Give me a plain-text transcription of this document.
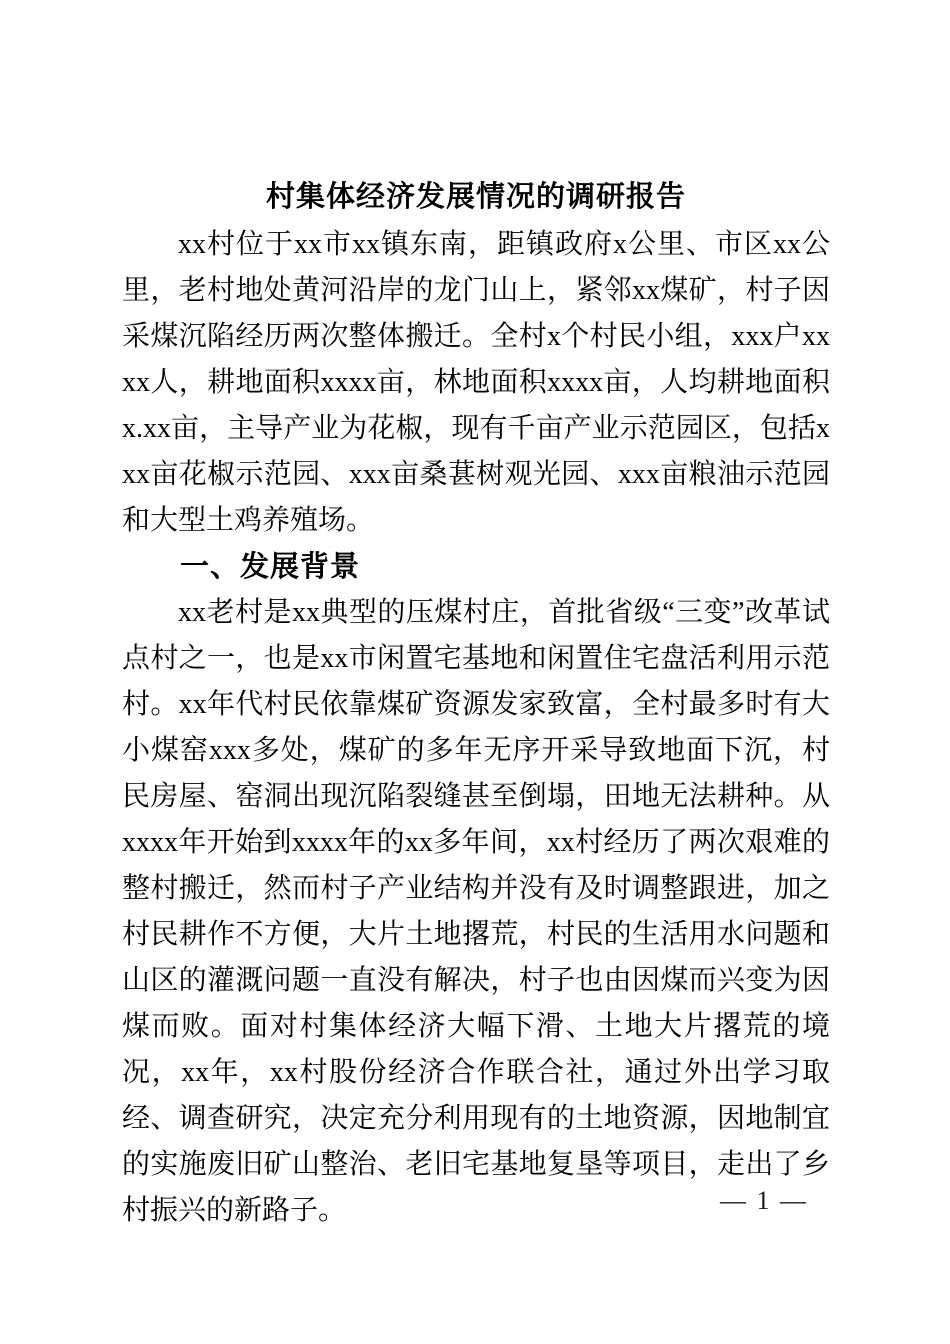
村集体经济发展情况的调研报告

xx村位于xx市xx镇东南，距镇政府x公里、市区xx公里，老村地处黄河沿岸的龙门山上，紧邻xx煤矿，村子因采煤沉陷经历两次整体搬迁。全村x个村民小组，xxx户xxxx人，耕地面积xxxx亩，林地面积xxxx亩，人均耕地面积x.xx亩，主导产业为花椒，现有千亩产业示范园区，包括xxx亩花椒示范园、xxx亩桑葚树观光园、xxx亩粮油示范园和大型土鸡养殖场。

一、发展背景

xx老村是xx典型的压煤村庄，首批省级“三变”改革试点村之一，也是xx市闲置宅基地和闲置住宅盘活利用示范村。xx年代村民依靠煤矿资源发家致富，全村最多时有大小煤窑xxx多处，煤矿的多年无序开采导致地面下沉，村民房屋、窑洞出现沉陷裂缝甚至倒塌，田地无法耕种。从xxxx年开始到xxxx年的xx多年间，xx村经历了两次艰难的整村搬迁，然而村子产业结构并没有及时调整跟进，加之村民耕作不方便，大片土地撂荒，村民的生活用水问题和山区的灌溉问题一直没有解决，村子也由因煤而兴变为因煤而败。面对村集体经济大幅下滑、土地大片撂荒的境况，xx年，xx村股份经济合作联合社，通过外出学习取经、调查研究，决定充分利用现有的土地资源，因地制宜的实施废旧矿山整治、老旧宅基地复垦等项目，走出了乡村振兴的新路子。	— 1 —
